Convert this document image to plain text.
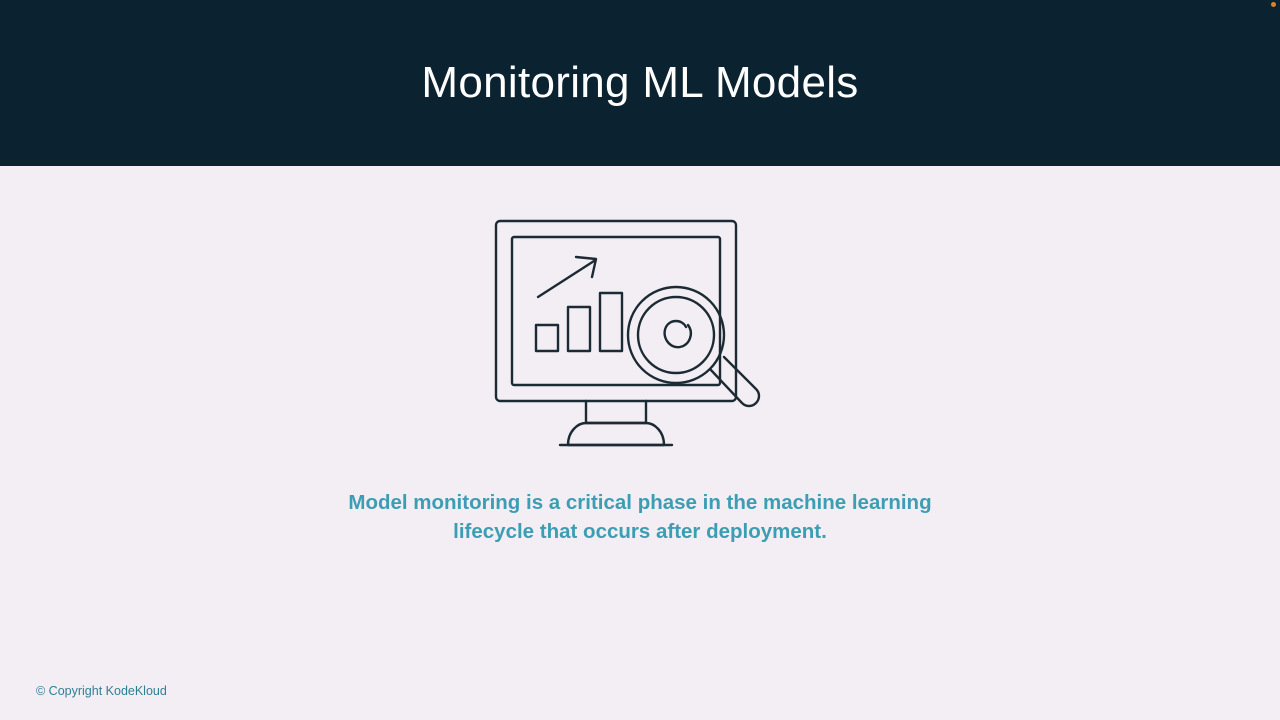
Monitoring ML Models
Model monitoring is a critical phase in the machine learning lifecycle that occurs after deployment.
© Copyright KodeKloud
